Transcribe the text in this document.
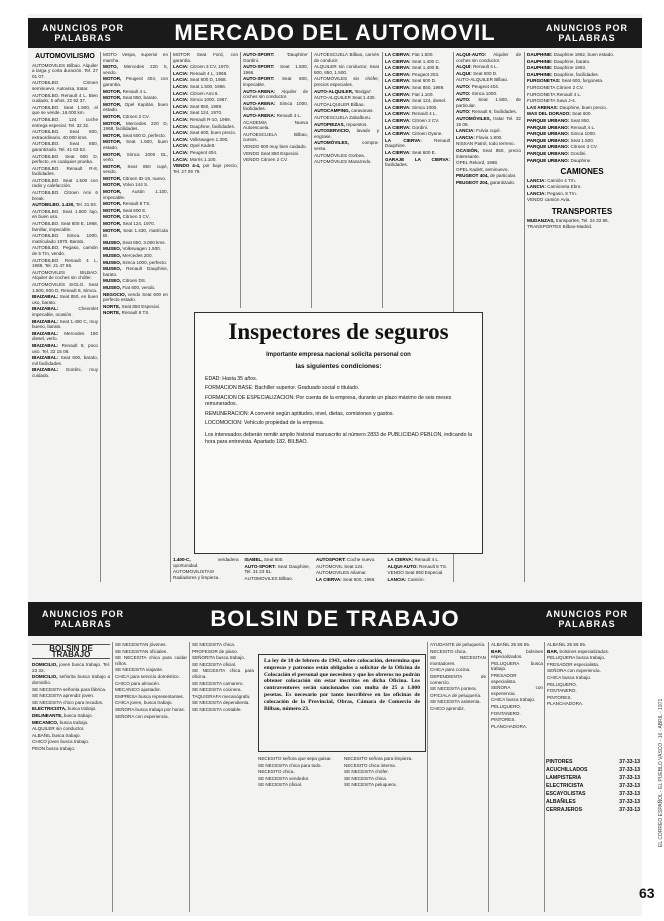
ANUNCIOS POR PALABRAS	MERCADO DEL AUTOMOVIL	ANUNCIOS POR PALABRAS
AUTOMOVILISMO

AUTOMOVILES Bilbao. Alquiler a larga y corta duración. Tel. 27 01 07.

AUTOBILBO. Citroen seminuevo. Autovisa, tratar.

AUTOBILBO. Renault 4 L. Bien cuidado, 5 años, 22 92 37.

AUTOBILBO. Seat 1.500, el que se vende. 16.000 km.

AUTOBILBO. 124 coche entrega especial. Tel. 32 32.

AUTOBILBO. Seat 600, extraordinario. 40.000 kms.

AUTOBILBO. Seat 850, garantizado. Tel. 41 63 53.

AUTOBILBO. Seat 600 D, perfecto, en cualquier prueba.

AUTOBILBO. Renault R-8, facilidades.

AUTOBILBO. Seat 1.500 con radio y calefacción.

AUTOBILBO. Citroen Ami 6 break.

AUTOBILBO. 1.430, Tel. 31 93.

AUTOBILBO. Seat 1.500 lujo, en buen uso.

AUTOBILBO. Seat 600 E, 1968, familiar, impecable.

AUTOBILBO. Simca 1000, matriculado 1970. Barato.

AUTOBILBO. Pegaso, camión de 5 Tm, vendo.

AUTOBILBO. Renault 4 L, 1968. Tel. 21 47 56.

AUTOMOVILES BILBAO. Alquiler de coches sin chófer.

AUTOMOVILES SIGLO. Seat 1.500, 600 D, Renault 8, Simca.

IBAIZABAL: Seat 850, en buen uso, barato.

IBAIZABAL: Chevrolet impecable, ocasión.

IBAIZABAL: Seat 1.400 C, muy bueno, barato.

IBAIZABAL: Mercedes 190 diesel, verlo.

IBAIZABAL: Renault 8, poco uso. Tel. 32 15 08.

IBAIZABAL: Seat 600, barato, mil facilidades.

IBAIZABAL: Gordini, muy cuidado.

MOTO Vespa, superior en marcha.

MOTO, Mercedes 220 S, vendo.

MOTOR, Peugeot 404, con garantía.

MOTOR, Renault 4 L.

MOTOR, Seat 850, barato.

MOTOR, Opel Kapitán, buen estado.

MOTOR, Citroen 2 CV.

MOTOR, Mercedes 220 D, 1968, facilidades.

MOTOR, Seat 600 D, perfecto.

MOTOR, Seat 1.500, buen estado.

MOTOR, Simca 1000 GL, verlo.

MOTOR, Seat 850 cupé, vendo.

MOTOR, Citroen ID-19, nuevo.

MOTOR, Volvo 144 S.

MOTOR, Austin 1.100, impecable.

MOTOR, Renault 8 TS.

MOTOR, Seat 600 E.

MOTOR, Citroen 3 CV.

MOTOR, Seat 124, 1970.

MOTOR, Seat 1.430, matrícula BI.

MUSEO, Seat 850, 3.000 kms.

MUSEO, Volkswagen 1.500.

MUSEO, Mercedes 200.

MUSEO, Simca 1000, perfecto.

MUSEO, Renault Dauphine, barato.

MUSEO, Citroen DS.

MUSEO, Fiat 600, vendo.

NEGOCIO, vendo Seat 600 en perfecto estado.

NORTE, Seat 850 Especial.

NORTE, Renault 8 TS.

MOTOR Seat Ford, con garantía.

LACIA: Citroen 3 CV, 1970.

LACIA: Renault 4 L, 1968.

LACIA: Seat 600 D, 1968.

LACIA: Seat 1.500, 1966.

LACIA: Citroen Ami 6.

LACIA: Simca 1000, 1967.

LACIA: Seat 850, 1969.

LACIA: Seat 124, 1970.

LACIA: Renault R-10, 1969.

LACIA: Dauphine, facilidades.

LACIA: Seat 600, buen precio.

LACIA: Volkswagen 1.300.

LACIA: Opel Kadett.

LACIA: Peugeot 404.

LACIA: Morris 1.100.

VENDO 4-4, por bajo precio, Tel. 27 09 79.

AUTO-SPORT: 'Dauphine' Gordini.

AUTO-SPORT: Seat 1.500, 1966.

AUTO-SPORT: Seat 600, impecable.

AUTO-ARENA: Alquiler de coches sin conductor.

AUTO-ARENA: Simca 1000, facilidades.

AUTO-ARENA: Renault 4 L.

ACADEMIA Nueva Autoescuela.

AUTOESCUELA Bilbao, cursos.

VENDO 600 muy bien cuidado.

VENDO Seat 850 Especial.

VENDO Citroen 2 CV.

AUTOESCUELA Bilbao, carnés de conducir.

ALQUILER sin conductor, Seat 600, 850, 1.500.

AUTOMÓVILES sin chófer, precios especiales.

AUTO-ALQUILER, 'Bedgar'.

AUTO-ALQUILER Seat 1.430.

AUTOALQUILER Bilbao.

AUTOCAMPING, caravanas.

AUTOESCUELA Zabalburu.

AUTOPIEZAS, repuestos.

AUTOSERVICIO, lavado y engrase.

AUTOMÓVILES, compra-venta.

AUTOMÓVILES Gorbea.

AUTOMÓVILES Mazarredo.

LA CIERVA: Fiat 1.500.

LA CIERVA: Seat 1.400 C.

LA CIERVA: Seat 1.400 B.

LA CIERVA: Peugeot 203.

LA CIERVA: Seat 600 D.

LA CIERVA: Seat 850, 1969.

LA CIERVA: Fiat 1.100.

LA CIERVA: Seat 124, diesel.

LA CIERVA: Simca 1000.

LA CIERVA: Renault 4 L.

LA CIERVA: Citroen 2 CV.

LA CIERVA: Gordini.

LA CIERVA: Citroen Dyane.

LA CIERVA: Renault Dauphine.

LA CIERVA: Seat 600 E.

GARAJE LA CIERVA: facilidades.

ALQUI-AUTO: Alquiler de coches sin conductor.

ALQUI: Renault 4 L.

ALQUI: Seat 600 D.

AUTO-ALQUILER Bilbao.

AUTO: Peugeot 404.

AUTO: Simca 1000.

AUTO: Seat 1.500, de particular.

AUTO: Renault 8, facilidades.

AUTOMÓVILES, tratar Tel. 32 15 08.

LANCIA: Fulvia cupé.

LANCIA: Flavia 1.800.

NISSAN Patrol, todo terreno.

OCASIÓN, Seat 850, precio interesante.

OPEL Rekord, 1968.

OPEL Kadett, seminuevo.

PEUGEOT 404, de particular.

PEUGEOT 204, garantizado.

DAUPHINE: Dauphine 1962, buen estado.

DAUPHINE: Dauphine, barato.

DAUPHINE: Dauphine 1963.

DAUPHINE: Dauphine, facilidades.

FURGONETAS: Seat 600, furgoneta.

FURGONETA Citroen 2 CV.

FURGONETA Renault 4 L.

FURGONETA Sava J-4.

LAS ARENAS: Dauphine, buen precio.

MAS DEL DORADO: Seat 600.

PARQUE URBANO: Seat 850.

PARQUE URBANO: Renault 4 L.

PARQUE URBANO: Simca 1000.

PARQUE URBANO: Seat 1.500.

PARQUE URBANO: Citroen 3 CV.

PARQUE URBANO: Gordini.

PARQUE URBANO: Dauphine.

CAMIONES

LANCIA: Camión 4 Tm.

LANCIA: Camioneta Ebro.

LANCIA: Pegaso, 8 Tm.

VENDO camión Avia.

TRANSPORTES

MUDANZAS, transportes, Tel. 24 33 86.

TRANSPORTES Bilbao-Madrid.

Inspectores de seguros
Importante empresa nacional solicita personal con
las siguientes condiciones:
EDAD: Hasta 35 años.
FORMACION BASE: Bachiller superior. Graduado social o titulado.
FORMACION DE ESPECIALIZACION: Por cuenta de la empresa, durante un plazo máximo de seis meses remunerados.
REMUNERACION: A convenir según aptitudes, nivel, dietas, comisiones y gastos.
LOCOMOCION: Vehículo propiedad de la empresa.
Los interesados deberán remitir amplio historial manuscrito al número 2833 de PUBLICIDAD PEBLON, indicando la hora para entrevista. Apartado 182. BILBAO.

1.400-C, verdadera oportunidad.

AUTOMOVILISTAS! Radiadores y limpieza.

ISABEL, Seat 600.

AUTO-SPORT: Seat Dauphine, Tel. 31 23 81.

AUTOMOVILES Bilbao.

AUTOSPORT: Coche nuevo.

AUTOMOVIL Seat 124.

AUTOMOVILES Ailamar.

LA CIERVA: Seat 600, 1968.

LA CIERVA: Renault 4 L.

ALQUI-AUTO: Renault 8 TS.

VENDO Seat 850 Especial.

LANCIA: Camión.

ANUNCIOS POR PALABRAS	BOLSIN DE TRABAJO	ANUNCIOS POR PALABRAS
BOLSIN DE TRABAJO

DOMICILIO, joven busca trabajo. Tel. 23 32.

DOMICILIO, señorita busca trabajo a domicilio.

SE NECESITA señorita para fábrica.

SE NECESITA aprendiz joven.

SE NECESITA chico para recados.

ELECTRICISTA, busca trabajo.

DELINEANTE, busca trabajo.

MECANICO, busca trabajo.

ALQUILER sin conductor.

ALBAÑIL busca trabajo.

CHICO joven busca trabajo.

PEON busca trabajo.

SE NECESITAN jóvenes.

SE NECESITAN oficiales.

SE NECESITA chica para cuidar niños.

SE NECESITA viajante.

CHICA para servicio doméstico.

CHICO para almacén.

MECANICO ajustador.

EMPRESA busca representantes.

CHICA joven, busca trabajo.

SEÑORA busca trabajo por horas.

SEÑORA con experiencia.

SE NECESITA chica.

PROFESOR de piano.

SEÑORITA busca trabajo.

SE NECESITA oficial.

SE NECESITA chica para oficina.

SE NECESITA camarero.

SE NECESITA cocinera.

TAQUIGRAFA mecanógrafa.

SE NECESITA dependienta.

SE NECESITA contable.

La ley de 10 de febrero de 1943, sobre colocación, determina que empresas y patronos están obligados a solicitar de la Oficina de Colocación el personal que necesiten y que los obreros no podrán obtener colocación sin estar inscritos en dicha Oficina. Los contraventores serán sancionados con multa de 25 a 1.000 pesetas. Es necesario por tanto inscribirse en las oficinas de colocación de la Provincial, Obras, Cámara de Comercio de Bilbao, número 23.

NECESITO señora que sepa guisar.

SE NECESITA chica para todo.

NECESITO chica.

SE NECESITA vendedor.

SE NECESITA oficial.

NECESITO señora para limpieza.

NECESITO chica interna.

SE NECESITA chófer.

SE NECESITA chica.

SE NECESITA peluquera.

AYUDANTE de peluquería.

NECESITO chica.

SE NECESITAN montadores.

CHICA para cocina.

DEPENDIENTA de comercio.

SE NECESITA portera.

OFICIALA de peluquería.

SE NECESITA asistenta.

CHICO aprendiz.

ALBAÑIL 25 55 55.

BAR, bolsines especializados.

PELUQUERA busca trabajo.

FRESADOR especialista.

SEÑORA con experiencia.

CHICA busca trabajo.

PELUQUERO.

FONTANERO.

PINTORES.

PLANCHADORA.

ALBAÑIL 25 55 55.

BAR, bolsines especializados.

PELUQUERA busca trabajo.

FRESADOR especialista.

SEÑORA con experiencia.

CHICA busca trabajo.

PELUQUERO.

FONTANERO.

PINTORES.

PLANCHADORA.

PINTORES	37-33-13
ACUCHILLADOS	37-33-13
LAMPISTERIA	37-33-13
ELECTRICISTA	37-33-13
ESCAYOLISTAS	37-33-13
ALBAÑILES	37-33-13
CERRAJEROS	37-33-13	EL CORREO ESPAÑOL - EL PUEBLO VASCO - 16 - ABRIL - 1971
63
